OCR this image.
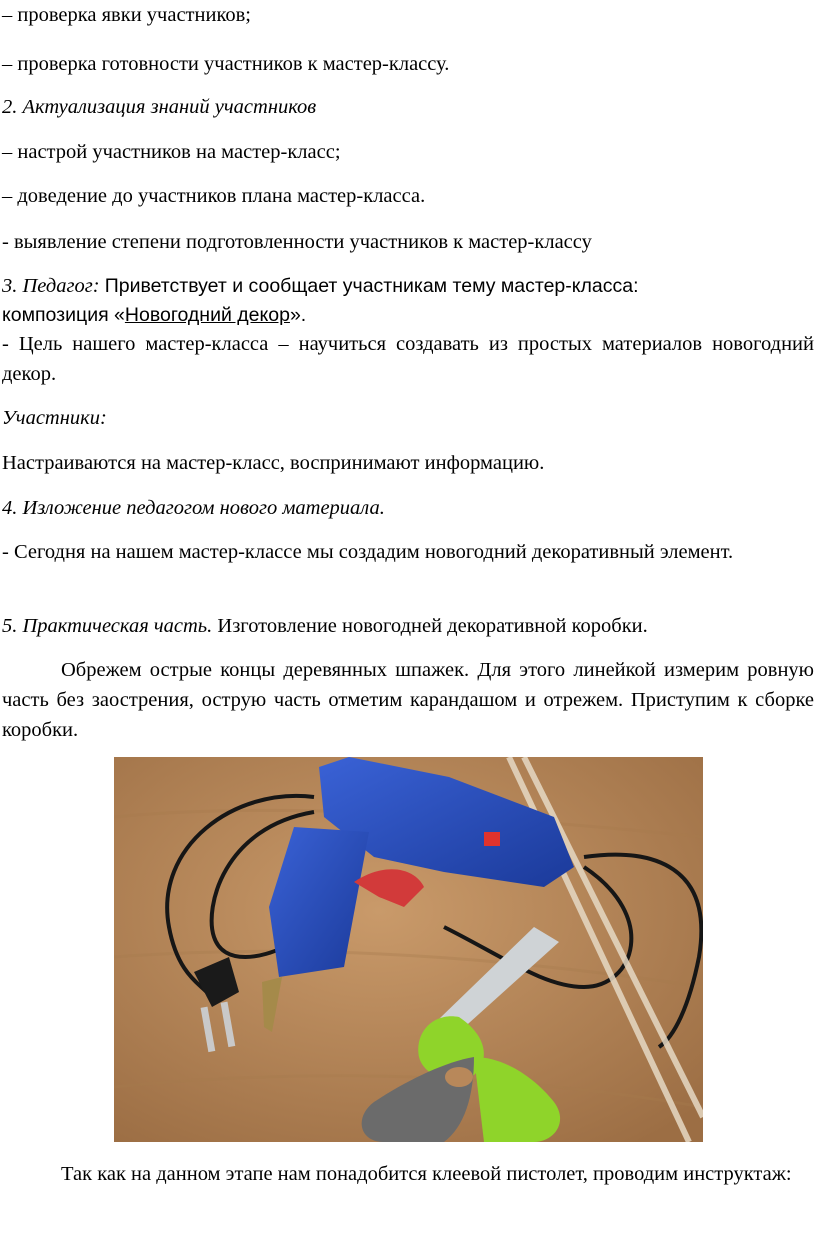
– проверка явки участников;
– проверка готовности участников к мастер-классу.
2. Актуализация знаний участников
– настрой участников на мастер-класс;
– доведение до участников плана мастер-класса.
- выявление степени подготовленности участников к мастер-классу
3. Педагог: Приветствует и сообщает участникам тему мастер-класса:
композиция «Новогодний декор».
- Цель нашего мастер-класса – научиться создавать из простых материалов новогодний декор.
Участники:
Настраиваются на мастер-класс, воспринимают информацию.
4. Изложение педагогом нового материала.
- Сегодня на нашем мастер-классе мы создадим новогодний декоративный элемент.
5. Практическая часть. Изготовление новогодней декоративной коробки.
Обрежем острые концы деревянных шпажек. Для этого линейкой измерим ровную часть без заострения, острую часть отметим карандашом и отрежем. Приступим к сборке коробки.
Так как на данном этапе нам понадобится клеевой пистолет, проводим инструктаж:
